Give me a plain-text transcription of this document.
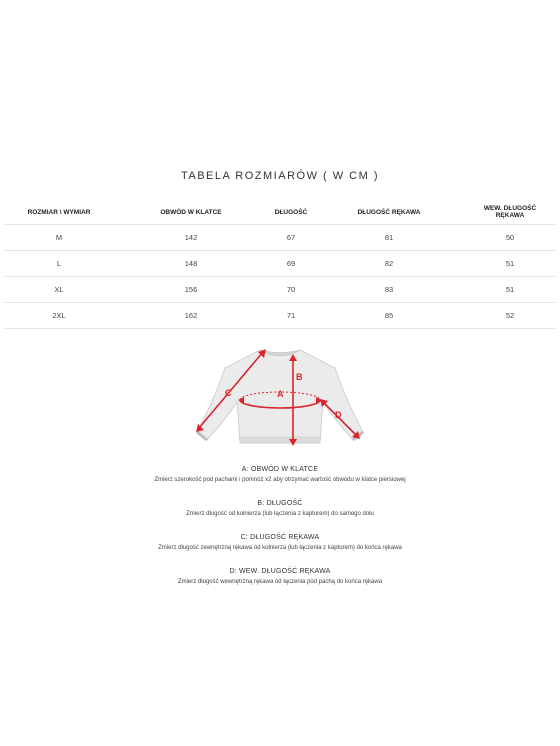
TABELA ROZMIARÓW ( W CM )
ROZMIAR \ WYMIAR	OBWÓD W KLATCE	DŁUGOŚĆ	DŁUGOŚĆ RĘKAWA	WEW. DŁUGOŚĆ RĘKAWA
M	142	67	81	50
L	148	69	82	51
XL	156	70	83	51
2XL	162	71	85	52
A
B
C
D
A: OBWÓD W KLATCE
Zmierz szerokość pod pachami i pomnóż x2 aby otrzymać wartość obwodu w klatce piersiowej
B: DŁUGOŚĆ
Zmierz długość od kołnierza (lub łączenia z kapturem) do samego dołu
C: DŁUGOŚĆ RĘKAWA
Zmierz długość zewnętrzną rękawa od kołnierza (lub łączenia z kapturem) do końca rękawa
D: WEW. DŁUGOŚĆ RĘKAWA
Zmierz długość wewnętrzną rękawa od łączenia pod pachą do końca rękawa
